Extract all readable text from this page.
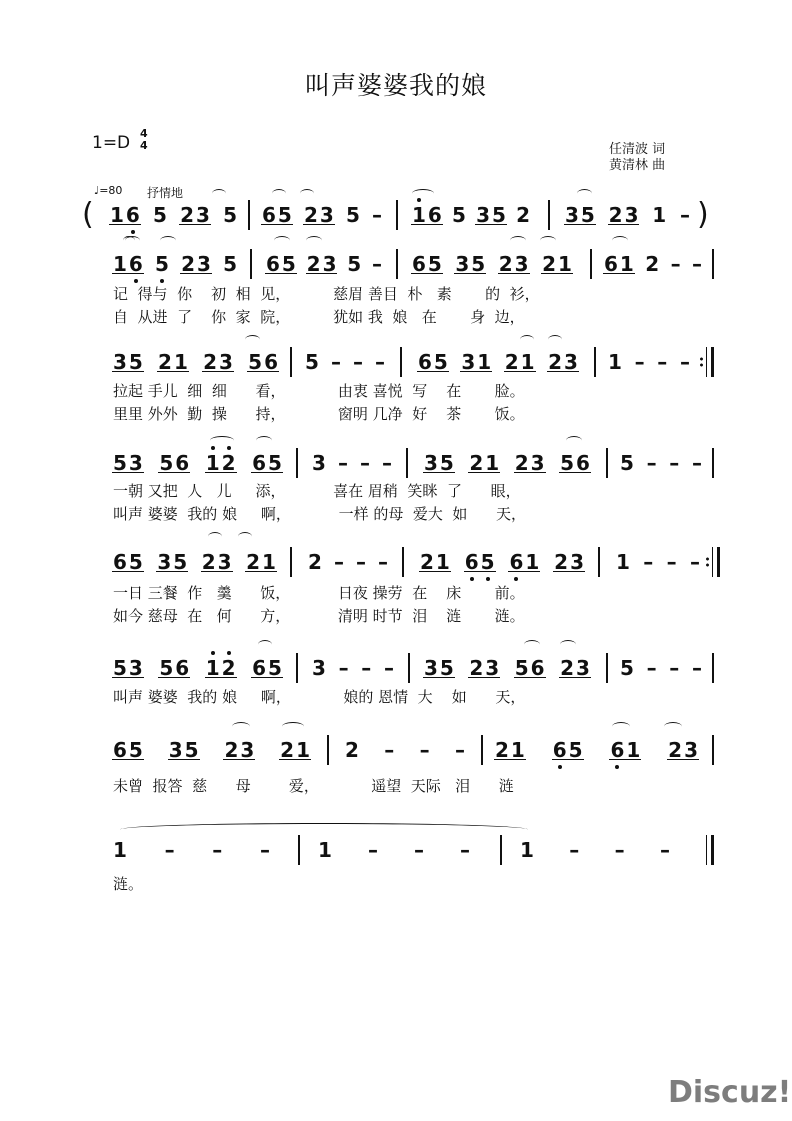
叫声婆婆我的娘
1=D 4
4	任清波 词
黄清林 曲
♩=80 抒情地
(	)
1 6 5 2 3 5 6 5 2 3 5 – 1 6 5 3 5 2 3 5 2 3 1 –
1 6 5 2 3 5 6 5 2 3 5 – 6 5 3 5 2 3 2 1 6 1 2 – –
记  得与  你    初  相  见，         慈眉 善目  朴   素       的  衫，
自  从进  了    你  家  院，         犹如 我  娘   在       身  边，
3 5 2 1 2 3 5 6 5 – – – 6 5 3 1 2 1 2 3 1 – – –
拉起 手儿  细  细      看，           由衷 喜悦  写    在       脸。
里里 外外  勤  操      持，           窗明 几净  好    茶       饭。
5 3 5 6 1 2 6 5 3 – – – 3 5 2 1 2 3 5 6 5 – – –
一朝 又把  人   儿     添，          喜在 眉稍  笑眯  了      眼，
叫声 婆婆  我的 娘     啊，          一样 的母  爱大  如      天，
6 5 3 5 2 3 2 1 2 – – – 2 1 6 5 6 1 2 3 1 – – –
一日 三餐  作   羹      饭，          日夜 操劳  在    床       前。
如今 慈母  在   何      方，          清明 时节  泪    涟       涟。
5 3 5 6 1 2 6 5 3 – – – 3 5 2 3 5 6 2 3 5 – – –
叫声 婆婆  我的 娘     啊，           娘的 恩情  大    如      天，
6 5 3 5 2 3 2 1 2 – – – 2 1 6 5 6 1 2 3
未曾  报答  慈      母        爱，           遥望  天际   泪      涟
1 – – – 1 – – –	1 – – –
涟。
Discuz!
